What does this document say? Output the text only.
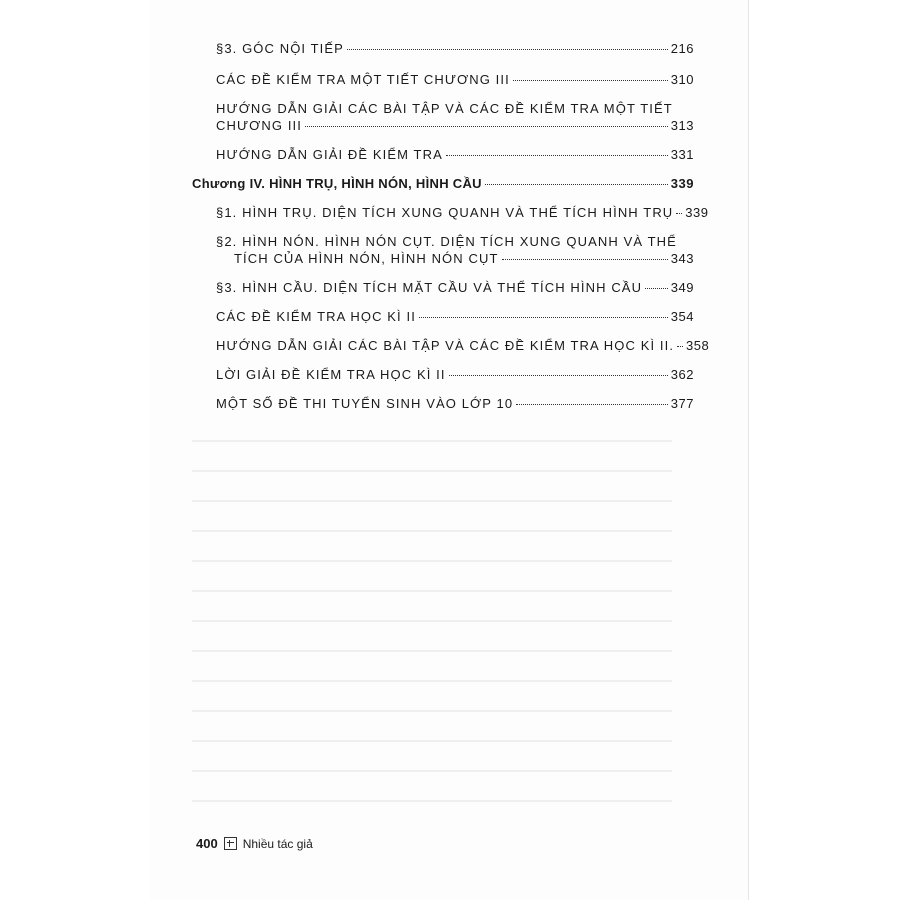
§3. GÓC NỘI TIẾP	216
CÁC ĐỀ KIỂM TRA MỘT TIẾT CHƯƠNG III	310
HƯỚNG DẪN GIẢI CÁC BÀI TẬP VÀ CÁC ĐỀ KIỂM TRA MỘT TIẾT
CHƯƠNG III	313
HƯỚNG DẪN GIẢI ĐỀ KIỂM TRA	331
Chương IV. HÌNH TRỤ, HÌNH NÓN, HÌNH CẦU	339
§1. HÌNH TRỤ. DIỆN TÍCH XUNG QUANH VÀ THỂ TÍCH HÌNH TRỤ 339
§2. HÌNH NÓN. HÌNH NÓN CỤT. DIỆN TÍCH XUNG QUANH VÀ THỂ
TÍCH CỦA HÌNH NÓN, HÌNH NÓN CỤT	343
§3. HÌNH CẦU. DIỆN TÍCH MẶT CẦU VÀ THỂ TÍCH HÌNH CẦU 349
CÁC ĐỀ KIỂM TRA HỌC KÌ II	354
HƯỚNG DẪN GIẢI CÁC BÀI TẬP VÀ CÁC ĐỀ KIỂM TRA HỌC KÌ II. 358
LỜI GIẢI ĐỀ KIỂM TRA HỌC KÌ II	362
MỘT SỐ ĐỀ THI TUYỂN SINH VÀO LỚP 10	377
400 Nhiều tác giả
